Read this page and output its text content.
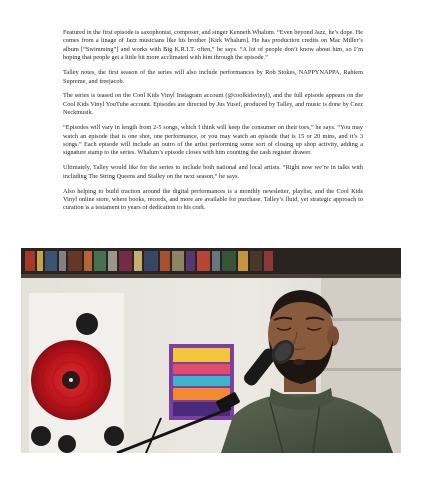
Featured in the first episode is saxophonist, composer, and singer Kenneth Whalum. “Even beyond Jazz, he’s dope. He comes from a linage of Jazz musicians like his brother [Kirk Whalum]. He has production credits on Mac Miller’s album [“Swimming”] and works with Big K.R.I.T. often,” he says. “A lot of people don’t know about him, so I’m hoping that people get a little bit more acclimated with him through the episode.”

Talley notes, the first season of the series will also include performances by Rob Stokes, NAPPYNAPPA, Rahiem Supreme, and freejacob.

The series is teased on the Cool Kids Vinyl Instagram account (@coolkidsvinyl), and the full episode appears on the Cool Kids Vinyl YouTube account. Episodes are directed by Jus Yusef, produced by Talley, and music is done by Ceez Neckmusik.

“Episodes will vary in length from 2-5 songs, which I think will keep the consumer on their toes,” he says. “You may watch an episode that is one shot, one performance, or you may watch an episode that is 15 or 20 mins, and it’s 3 songs.” Each episode will include an outro of the artist performing some sort of closing up shop activity, adding a signature stamp to the series. Whalum’s episode closes with him counting the cash register drawer.

Ultimately, Talley would like for the series to include both national and local artists. “Right now we’re in talks with including The String Queens and Stalley on the next season,” he says.

Also helping to build traction around the digital performances is a monthly newsletter, playlist, and the Cool Kids Vinyl online store, where books, records, and more are available for purchase. Talley’s fluid, yet strategic approach to curation is a testament to years of dedication to his craft.
